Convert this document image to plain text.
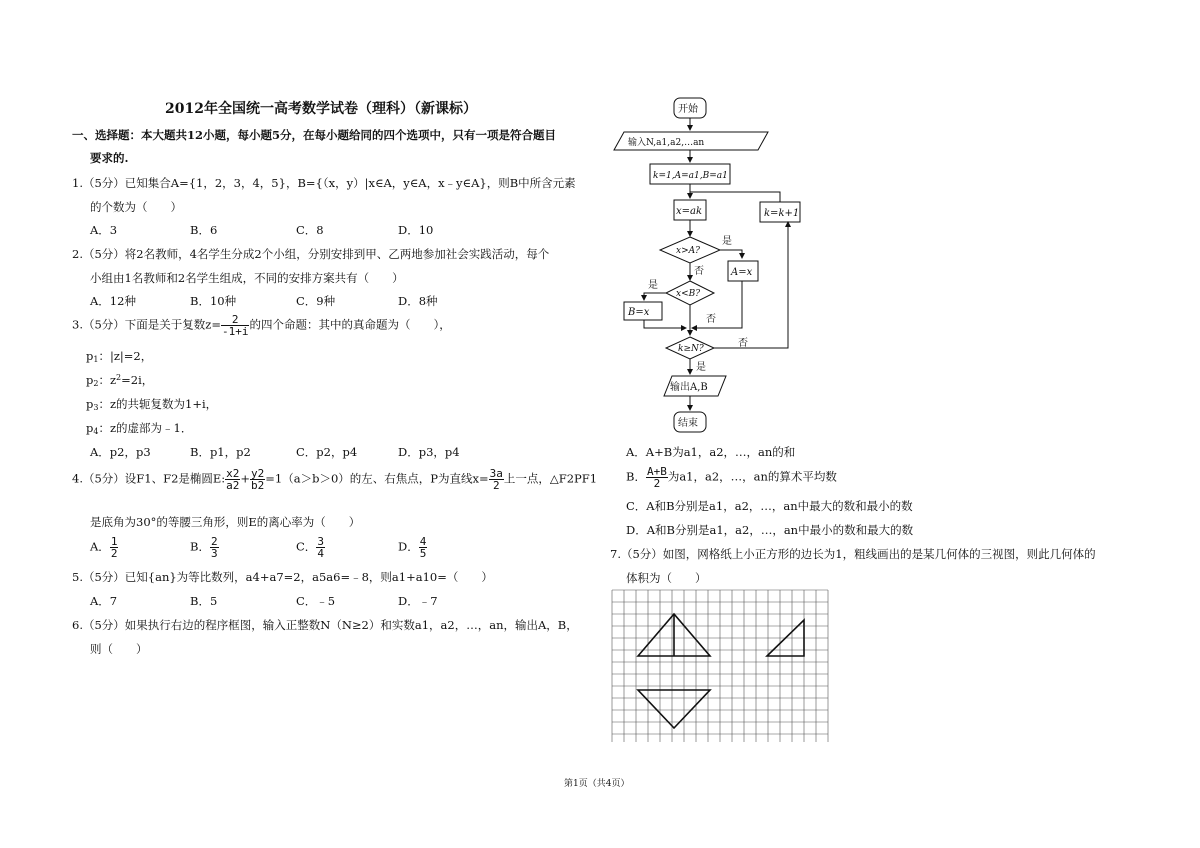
2012年全国统一高考数学试卷（理科）（新课标）
一、选择题：本大题共12小题，每小题5分，在每小题给同的四个选项中，只有一项是符合题目
要求的.
1.（5分）已知集合A={1，2，3，4，5}，B={（x，y）|x∈A，y∈A，x﹣y∈A}，则B中所含元素
的个数为（　　）
A．3	B．6	C．8	D．10
2.（5分）将2名教师，4名学生分成2个小组，分别安排到甲、乙两地参加社会实践活动，每个
小组由1名教师和2名学生组成，不同的安排方案共有（　　）
A．12种	B．10种	C．9种	D．8种
3.（5分）下面是关于复数$z= \frac{2}{-1+i}$ 的四个命题：其中的真命题为（　　），
$p_1$：|z|=2，
$p_2$：$z^2=2i$，
$p_3$：z的共轭复数为1+i，
$p_4$：z的虚部为﹣1．
A．p2，p3	B．p1，p2	C．p2，p4	D．p3，p4
4.（5分）设F1、F2是椭圆E: $\frac{x2}{a2} + \frac{y2}{b2} =1(a>b>0)$的左、右焦点，P为直线$x= \frac{3a}{2}$ 上一点，△F2PF1
是底角为30°的等腰三角形，则E的离心率为（　　）
A． $\frac{1}{2}$	B． $\frac{2}{3}$	C． $\frac{3}{4}$	D． $\frac{4}{5}$
5.（5分）已知{an}为等比数列，a4+a7=2，a5a6=﹣8，则a1+a10=（　　）
A．7	B．5	C．﹣5	D．﹣7
6.（5分）如果执行右边的程序框图，输入正整数N（N≥2）和实数a1，a2，…，an，输出A，B，
则（　　）
开始
输入N,a1,a2,…an
k=1,A=a1,B=a1
x=ak
x>A?
是
否	A=x
x<B?
是
否
B=x
k≥N?
是
否
k=k+1
输出A,B
结束
A．A+B为a1，a2，…，an的和
B． $\frac{A+B}{2}$ 为a1，a2，…，an的算术平均数
C．A和B分别是a1，a2，…，an中最大的数和最小的数
D．A和B分别是a1，a2，…，an中最小的数和最大的数
7.（5分）如图，网格纸上小正方形的边长为1，粗线画出的是某几何体的三视图，则此几何体的
体积为（　　）
第1页（共4页）
